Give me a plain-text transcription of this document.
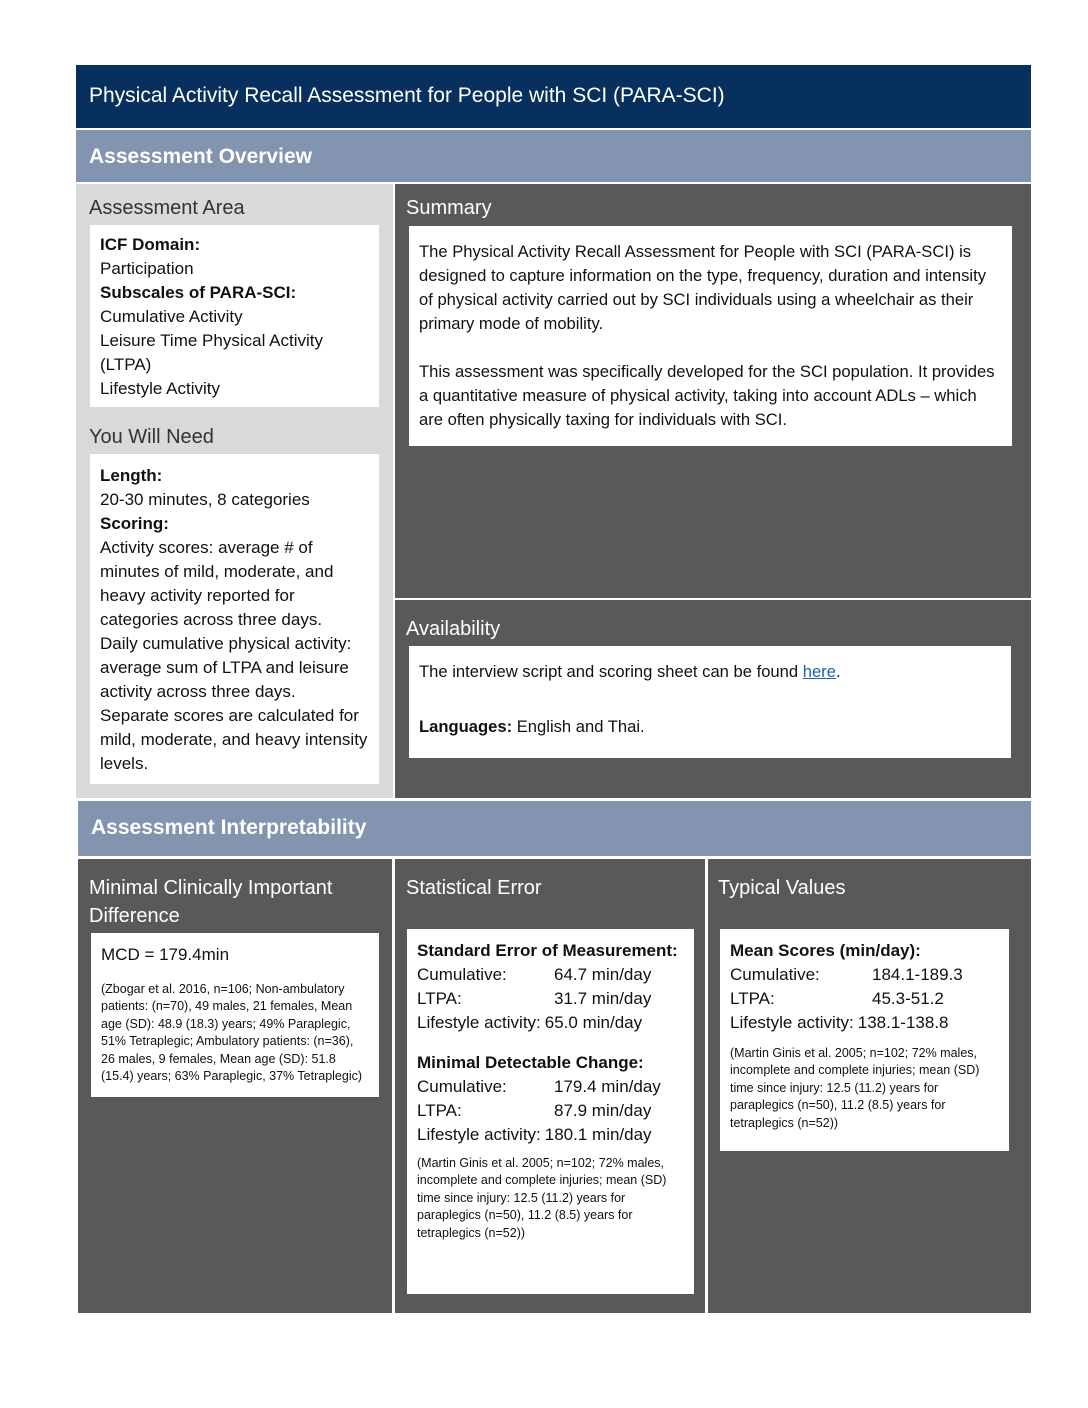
Physical Activity Recall Assessment for People with SCI (PARA-SCI)
Assessment Overview
Assessment Area

ICF Domain:

Participation

Subscales of PARA-SCI:

Cumulative Activity

Leisure Time Physical Activity (LTPA)

Lifestyle Activity

You Will Need

Length:

20-30 minutes, 8 categories

Scoring:

Activity scores: average # of minutes of mild, moderate, and heavy activity reported for categories across three days.

Daily cumulative physical activity: average sum of LTPA and leisure activity across three days.

Separate scores are calculated for mild, moderate, and heavy intensity levels.

Summary

The Physical Activity Recall Assessment for People with SCI (PARA-SCI) is designed to capture information on the type, frequency, duration and intensity of physical activity carried out by SCI individuals using a wheelchair as their primary mode of mobility.

This assessment was specifically developed for the SCI population. It provides a quantitative measure of physical activity, taking into account ADLs – which are often physically taxing for individuals with SCI.

Availability

The interview script and scoring sheet can be found here.

Languages: English and Thai.

Assessment Interpretability
Minimal Clinically Important Difference

MCD = 179.4min

(Zbogar et al. 2016, n=106; Non-ambulatory patients: (n=70), 49 males, 21 females, Mean age (SD): 48.9 (18.3) years; 49% Paraplegic, 51% Tetraplegic; Ambulatory patients: (n=36), 26 males, 9 females, Mean age (SD): 51.8 (15.4) years; 63% Paraplegic, 37% Tetraplegic)

Statistical Error

Standard Error of Measurement:

Cumulative:	64.7 min/day
LTPA:	31.7 min/day
Lifestyle activity: 65.0 min/day

Minimal Detectable Change:

Cumulative:	179.4 min/day
LTPA:	87.9 min/day
Lifestyle activity: 180.1 min/day

(Martin Ginis et al. 2005; n=102; 72% males, incomplete and complete injuries; mean (SD) time since injury: 12.5 (11.2) years for paraplegics (n=50), 11.2 (8.5) years for tetraplegics (n=52))

Typical Values

Mean Scores (min/day):

Cumulative:	184.1-189.3
LTPA:	45.3-51.2
Lifestyle activity: 138.1-138.8

(Martin Ginis et al. 2005; n=102; 72% males, incomplete and complete injuries; mean (SD) time since injury: 12.5 (11.2) years for paraplegics (n=50), 11.2 (8.5) years for tetraplegics (n=52))
